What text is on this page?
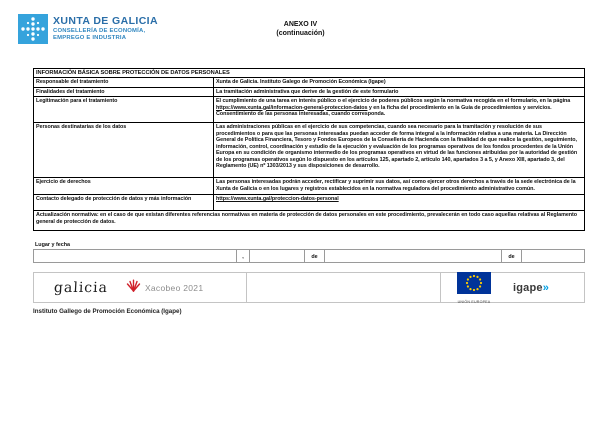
XUNTA DE GALICIA
CONSELLERÍA DE ECONOMÍA,
EMPREGO E INDUSTRIA
ANEXO IV
(continuación)
INFORMACIÓN BÁSICA SOBRE PROTECCIÓN DE DATOS PERSONALES
Responsable del tratamiento	Xunta de Galicia. Instituto Galego de Promoción Económica (Igape)
Finalidades del tratamiento	La tramitación administrativa que derive de la gestión de este formulario
Legitimación para el tratamiento	El cumplimiento de una tarea en interés público o el ejercicio de poderes públicos según la normativa recogida en el formulario, en la página https://www.xunta.gal/informacion-general-proteccion-datos y en la ficha del procedimiento en la Guía de procedimientos y servicios. Consentimiento de las personas interesadas, cuando corresponda.
Personas destinatarias de los datos	Las administraciones públicas en el ejercicio de sus competencias, cuando sea necesario para la tramitación y resolución de sus procedimientos o para que las personas interesadas puedan acceder de forma integral a la información relativa a una materia. La Dirección General de Política Financiera, Tesoro y Fondos Europeos de la Consellería de Hacienda con la finalidad de que realice la gestión, seguimiento, información, control, coordinación y estudio de la ejecución y evaluación de los programas operativos de los fondos procedentes de la Unión Europa en su condición de organismo intermedio de los programas operativos en virtud de las funciones atribuidas por la autoridad de gestión de los programas operativos según lo dispuesto en los artículos 125, apartado 2, artículo 140, apartados 3 a 5, y Anexo XIII, apartado 3, del Reglamento (UE) nº 1303/2013 y sus disposiciones de desarrollo.
Ejercicio de derechos	Las personas interesadas podrán acceder, rectificar y suprimir sus datos, así como ejercer otros derechos a través de la sede electrónica de la Xunta de Galicia o en los lugares y registros establecidos en la normativa reguladora del procedimiento administrativo común.
Contacto delegado de protección de datos y más información	https://www.xunta.gal/proteccion-datos-personal
Actualización normativa: en el caso de que existan diferentes referencias normativas en materia de protección de datos personales en este procedimiento, prevalecerán en todo caso aquellas relativas al Reglamento general de protección de datos.
Lugar y fecha
,	de	de
galicia	Xacobeo 2021
UNIÓN EUROPEA
igape»
Instituto Gallego de Promoción Económica (Igape)
